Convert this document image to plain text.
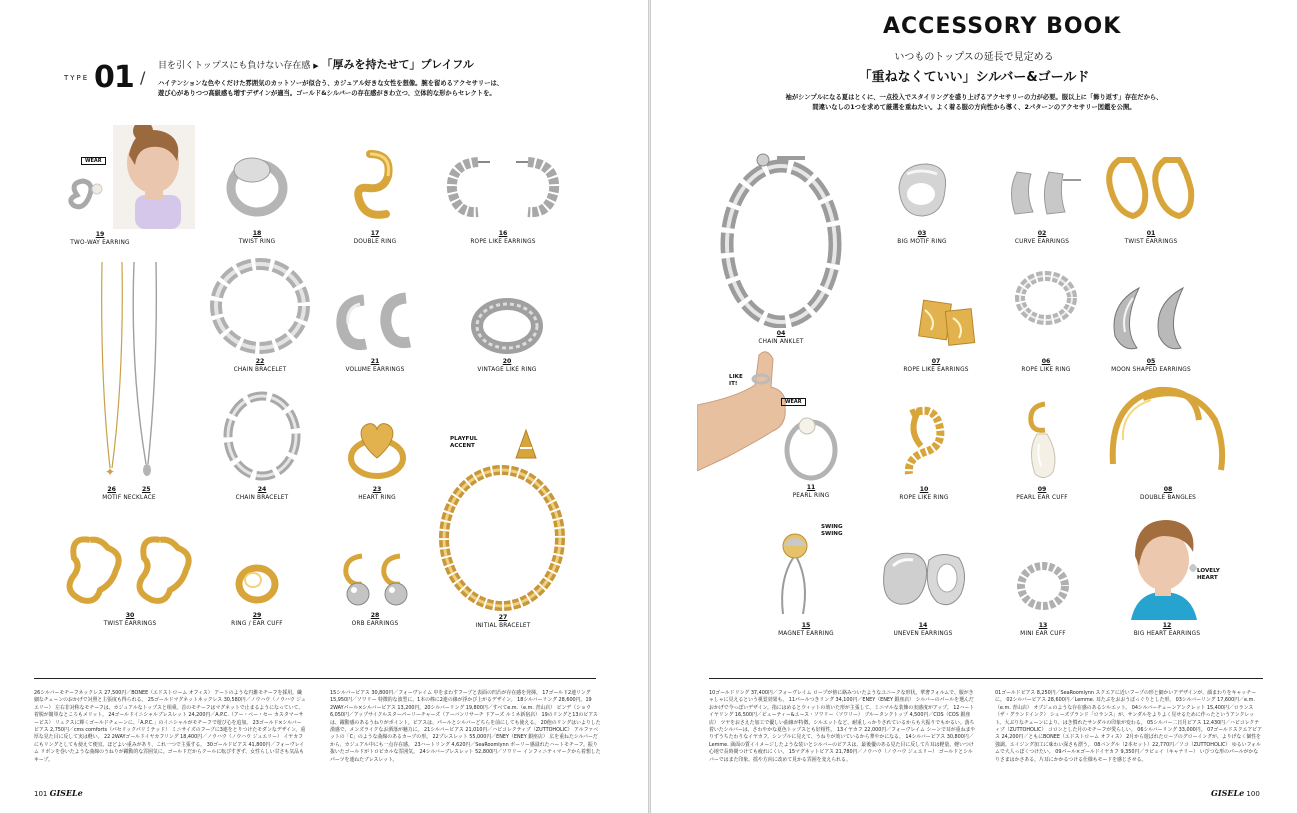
TYPE 01 /
目を引くトップスにも負けない存在感 ▶ 「厚みを持たせて」プレイフル
ハイテンションな色やくだけた雰囲気のカットソーが似合う、カジュアル好きな女性を想像。腕を留めるアクセサリーは、
遊び心がありつつ高級感も増すデザインが適当。ゴールド&シルバーの存在感がきわ立つ、立体的な形からセレクトを。
WEAR
19
TWO-WAY EARRING
18
TWIST RING
17
DOUBLE RING
16
ROPE LIKE EARRINGS
✦
26	25
MOTIF NECKLACE
22
CHAIN BRACELET
21
VOLUME EARRINGS
20
VINTAGE LIKE RING
24
CHAIN BRACELET
23
HEART RING
30
TWIST EARRINGS
29
RING / EAR CUFF
28
ORB EARRINGS
PLAYFUL
ACCENT
27
INITIAL BRACELET
26シルバーモチーフネックレス 27,500円／BONEE（エドストローム オフィス） アートのような円錐モチーフを採用。繊細なチェーンのおかげで対照と主張度も得られる。 25ゴールドマグネットネックレス 30,580円／ノウハウ（ノウハウ ジュエリー） 左右非対称なモチーフは、カジュアルなトップスと相乗。首のモチーフはマグネットで止まるようになっていて、着脱が簡単なところもメリット。 24ゴールドイニシャルブレスレット 24,200円／A.P.C.（アー・ペー・セー カスタマーサービス） リュクスに輝くゴールドチェーンに、「A.P.C.」のイニシャルがモチーフで遊び心を追加。 23ゴールド×シルバーピアス 2,750円／cms comforts（パセリックパリミテッド） ミニサイズのフープに3連をとりつけたモダンなデザイン。重厚な見た目に反して実は軽い。 22 2WAYゴールドイヤカフリング 18,400円／ノウハウ（ノウハウ ジュエリー） イヤカフにもリングとしても使えて便宜。ほどよい重みがあり、これ一つで主張する。 30ゴールドピアス 41,800円／フォーヴレイム リボンを巻いたような曲線のうねりが躍動的な雰囲気に。ゴールドだからクールに転びすぎず、女性らしい甘さも気品もキープ。
15シルバーピアス 30,800円／フォーヴレイム 中をまわすフープと表面の凹凸が存在感を発揮。 17ゴールド2連リング 15,950円／ソワリー 特徴的な波型に。1本の棒に2連の線が浮かび上がるデザイン。 18シルバーリング 28,600円。19 2WAYパール×シルバーピアス 13,200円。20シルバーリング 19,800円／すべてe.m.（e.m. 青山店） ピンデ（ショウ 6,050円／アップサイクルスターパーリーチャーズ（アーバンリサーチ ドアーズ ルミネ新宿店） 19のリングと13のピアスは、躍動感のあるうねりがポイント。ピアスは、パールとシルバーどちらを前にしても使える。 20他のリングはいよりした漢感で、メンズライクなお洒落が魅力に。 21シルバーピアス 21,010円／ハビコレクティブ（ZUTTOHOLIC） アルファベットの「C」のような曲線のあるカーブの形。 22ブレスレット 55,000円／ENEY（ENEY 銀座店） 広を重ねたシルバーだから、カジュアル中にも一点存在感。 23ハートリング 4,620円／SeaRoomlynn ボーリー感溢れたハートモチーフ。振り抜いたゴールドがトロピカルな雰囲気。 24シルバーブレスレット 52,800円／ソワリー インフィニティマークから着想したパーツを連ねたブレスレット。
101 GISELe
ACCESSORY BOOK
いつものトップスの延長で見定める
「重ねなくていい」シルバー&ゴールド
袖がシンプルになる夏はとくに、一点投入でスタイリングを盛り上げるアクセサリーの力が必要。服以上に「飾り返す」存在だから、
間違いなしの1つを求めて厳選を重ねたい。よく着る服の方向性から導く、2パターンのアクセサリー図鑑を公開。
04
CHAIN ANKLET
03
BIG MOTIF RING
02
CURVE EARRINGS
01
TWIST EARRINGS
07
ROPE LIKE EARRINGS
06
ROPE LIKE RING
05
MOON SHAPED EARRINGS
LIKE
IT!
WEAR
11
PEARL RING
10
ROPE LIKE RING
09
PEARL EAR CUFF
08
DOUBLE BANGLES
SWING
SWING
15
MAGNET EARRING
14
UNEVEN EARRINGS
13
MINI EAR CUFF
LOVELY
HEART
12
BIG HEART EARRINGS
10ゴールドリング 37,400円／フォーヴレイム ロープが傍に絡みついたようなユニークな形状。華奢フォルムで、服がきゃしゃに見えるという視覚効果も。 11パールつきリング 34,100円／ENEY（ENEY 銀座店） シルバーのパールを選んだおかげで今っぽいデザイン。指にはめるとウィットの効いた形が主張して、ミニマルな装飾の実感度がアップ。 12ハートイヤリング 16,500円／ピューティー&ユース・ソワリー（ソワリー） ブルータンクトップ 4,500円／COS（COS 銀座店） ツヤをおさえた加工で優しい曲線が特徴。シルエットなど、耐重しっかりされているからも大振りでもかるい。落ち着いたシルバーは、さわやかな夏色トップスとも好相性。 13イヤカフ 22,000円／フォーヴレイム シーンで耳が重ねまやりずうちたわりなイヤカフ。シンプルに見えて、うねりが効いているから華やかになる。 14シルバーピアス 30,800円／Lemme. 満面の質イイメージしたような装いとシルバーのピアスは、最後優のある見た目に反して片耳は軽量。軽いつけ心地で長時間つけても疲れにくい。 15マグネットピアス 21,780円／ノウハウ（ノウハウ ジュエリー） ゴールドとシルバーではまた印象。揺や方向に改めて見かる雰囲を変えられる。
01ゴールドピアス 8,250円／SeaRoomlynn スクエアに近いフープの形と細かいアデザインが、顔まわりをキャッチーに。 02シルバーピアス 28,600円／Lemme. 耳たぶをおおうばっぐりとした形。 03シルバーリング 17,600円／e.m.（e.m. 青山店） オブジェのような存在感のあるシルエット。 04シルバーチェーンアンクレット 15,400円／ロランス（ザ・グランドインク） シューズブランド「ロランス」が、サンダルをよりよく見せるために作ったというアンクレット。大ぶりなチェーンにより、はき慣れたサンダルの印象が変わる。 05シルバー二日月ピアス 12,430円／ハビコレクティブ（ZUTTOHOLIC） コロンとした月のモチーフが愛らしい。 06シルバーリング 33,000円。 07ゴールドスクエアピアス 24,200円／ともにBONEE（エドストローム オフィス） 2月から遊ばれたロープのグローイングが、よりげなく個性を強調。エイジング加工に味わい深さも漂う。 08バングル（2本セット）22,770円／ソコ（ZUTTOHOLIC） ゆるいフォルムで大人っぽくつけたい。 09パール×ゴールドイヤカフ 9,350円／ラビュイ（キャナリー） いびつな形のパールがかなりさまはかさある。片耳にかかるつける仕様もモードを感じさせる。
GISELe 100
